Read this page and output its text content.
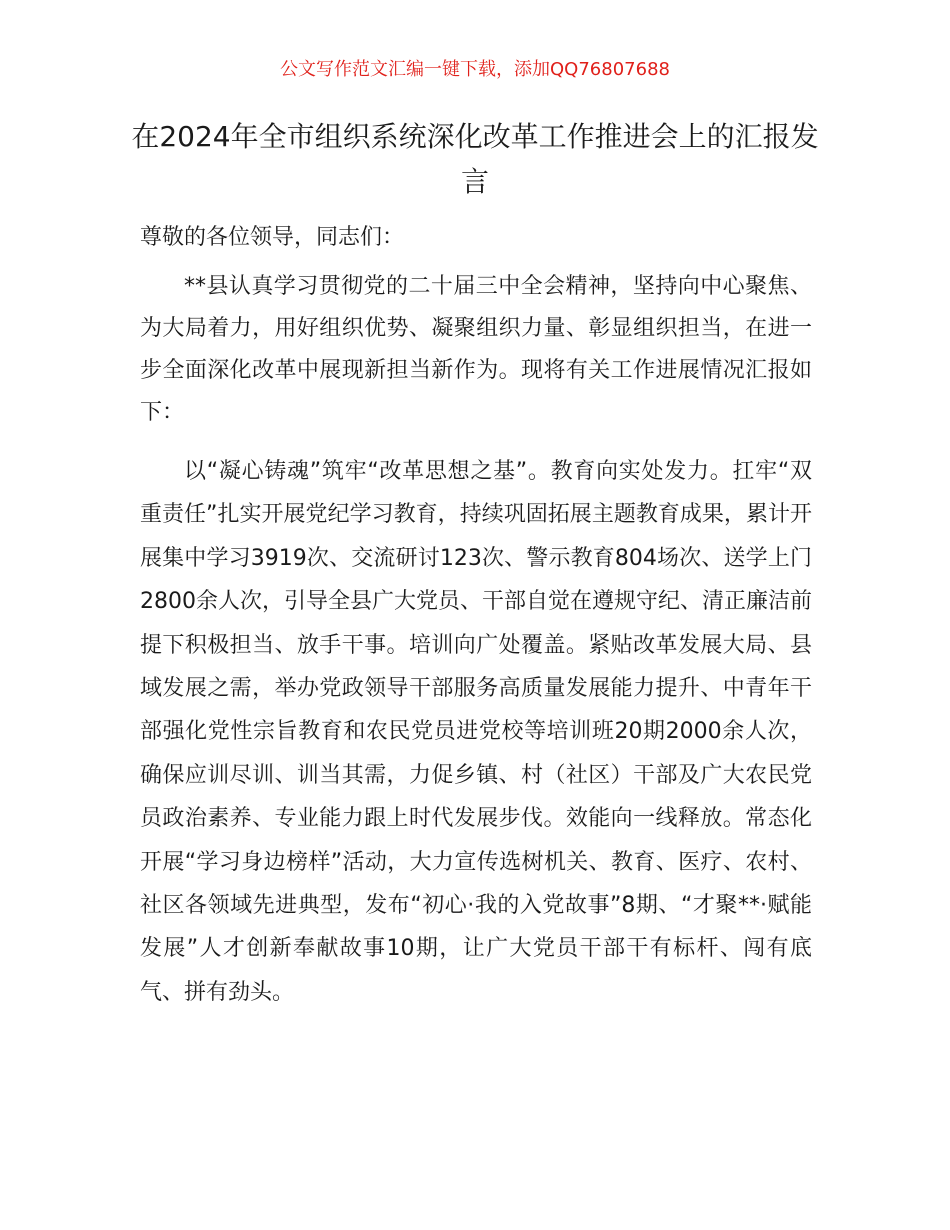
公文写作范文汇编一键下载，添加QQ76807688
在2024年全市组织系统深化改革工作推进会上的汇报发言
尊敬的各位领导，同志们：
**县认真学习贯彻党的二十届三中全会精神，坚持向中心聚焦、为大局着力，用好组织优势、凝聚组织力量、彰显组织担当，在进一步全面深化改革中展现新担当新作为。现将有关工作进展情况汇报如下：
以“凝心铸魂”筑牢“改革思想之基”。教育向实处发力。扛牢“双重责任”扎实开展党纪学习教育，持续巩固拓展主题教育成果，累计开展集中学习3919次、交流研讨123次、警示教育804场次、送学上门2800余人次，引导全县广大党员、干部自觉在遵规守纪、清正廉洁前提下积极担当、放手干事。培训向广处覆盖。紧贴改革发展大局、县域发展之需，举办党政领导干部服务高质量发展能力提升、中青年干部强化党性宗旨教育和农民党员进党校等培训班20期2000余人次，确保应训尽训、训当其需，力促乡镇、村（社区）干部及广大农民党员政治素养、专业能力跟上时代发展步伐。效能向一线释放。常态化开展“学习身边榜样”活动，大力宣传选树机关、教育、医疗、农村、社区各领域先进典型，发布“初心·我的入党故事”8期、“才聚**·赋能发展”人才创新奉献故事10期，让广大党员干部干有标杆、闯有底气、拼有劲头。
